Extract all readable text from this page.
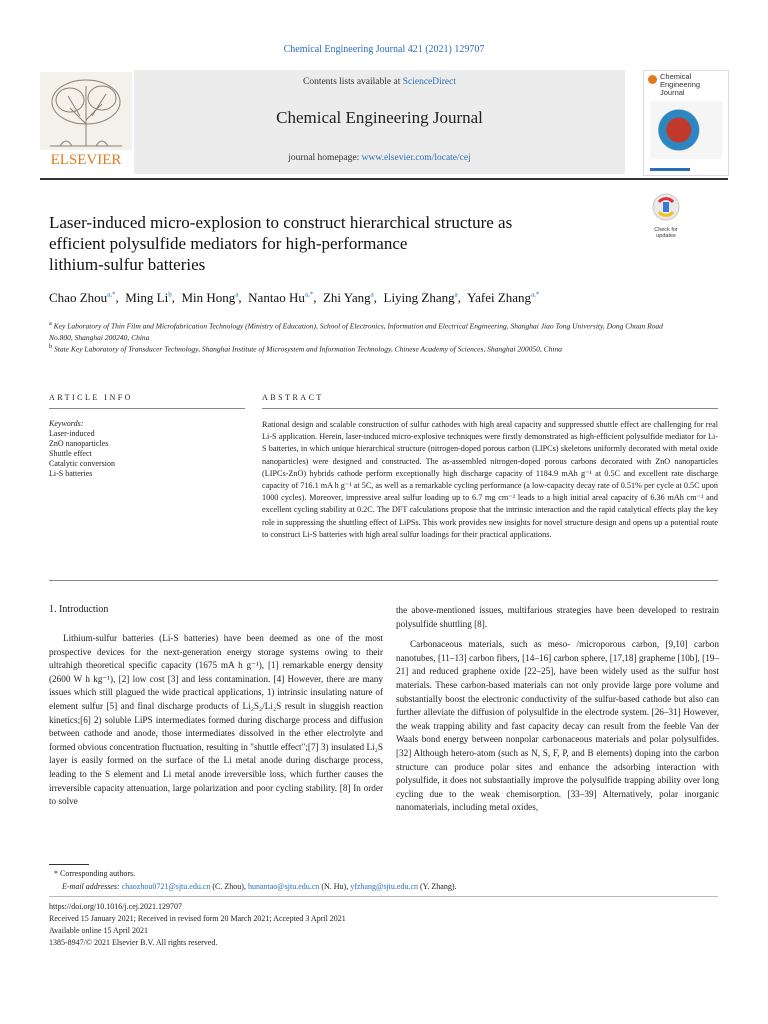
Chemical Engineering Journal 421 (2021) 129707
ELSEVIER
Contents lists available at ScienceDirect
Chemical Engineering Journal
journal homepage: www.elsevier.com/locate/cej
Chemical
Engineering
Journal
Laser-induced micro-explosion to construct hierarchical structure as
efficient polysulfide mediators for high-performance
lithium-sulfur batteries
Check for updates
Chao Zhou$^{a,*}$,  Ming Li$^b$,  Min Hong$^a$,  Nantao $Hu^{a,*}$,  Zhi Yang$^a$,  Liying Zhang$^a$,  Yafei Zhang$^{a,*}$
$^a$ Key Laboratory of Thin Film and Microfabrication Technology (Ministry of Education), School of Electronics, Information and Electrical Engineering, Shanghai Jiao Tong University, Dong Chuan Road No.800, Shanghai 200240, China
$^b$ State Key Laboratory of Transducer Technology, Shanghai Institute of Microsystem and Information Technology, Chinese Academy of Sciences, Shanghai 200050, China
ARTICLE INFO	ABSTRACT
Keywords:
Laser-induced
ZnO nanoparticles
Shuttle effect
Catalytic conversion
Li-S batteries
Rational design and scalable construction of sulfur cathodes with high areal capacity and suppressed shuttle effect are challenging for real Li-S application. Herein, laser-induced micro-explosive techniques were firstly demonstrated as high-efficient polysulfide mediator for Li-S batteries, in which unique hierarchical structure (nitrogen-doped porous carbon (LIPCs) skeletons uniformly decorated with metal oxide nanoparticles) were designed and constructed. The as-assembled nitrogen-doped porous carbons decorated with ZnO nanoparticles (LIPCs-ZnO) hybrids cathode perform exceptionally high discharge capacity of 1184.9 mAh g⁻¹ at 0.5C and excellent rate discharge capacity of 716.1 mA h g⁻¹ at 5C, as well as a remarkable cycling performance (a low-capacity decay rate of 0.51% per cycle at 0.5C upon 1000 cycles). Moreover, impressive areal sulfur loading up to 6.7 mg cm⁻² leads to a high initial areal capacity of 6.36 mAh cm⁻² and excellent cycling stability at 0.2C. The DFT calculations propose that the intrinsic interaction and the rapid catalytical effects play the key role in suppressing the shuttling effect of LiPSs. This work provides new insights for novel structure design and opens up a potential route to construct Li-S batteries with high areal sulfur loadings for their practical applications.
1. Introduction

Lithium-sulfur batteries (Li-S batteries) have been deemed as one of the most prospective devices for the next-generation energy storage systems owing to their ultrahigh theoretical specific capacity (1675 mA h g⁻¹), [1] remarkable energy density (2600 W h kg⁻¹), [2] low cost [3] and less contamination. [4] However, there are many issues which still plagued the wide practical applications, 1) intrinsic insulating nature of element sulfur [5] and final discharge products of Li₂S₂/Li₂S result in sluggish reaction kinetics;[6] 2) soluble LiPS intermediates formed during discharge process and diffusion between cathode and anode, those intermediates dissolved in the ether electrolyte and formed obvious concentration fluctuation, resulting in "shuttle effect";[7] 3) insulated Li₂S layer is easily formed on the surface of the Li metal anode during discharge process, leading to the S element and Li metal anode irreversible loss, which further causes the irreversible capacity attenuation, large polarization and poor cycling stability. [8] In order to solve

the above-mentioned issues, multifarious strategies have been developed to restrain polysulfide shuttling [8].

Carbonaceous materials, such as meso- /microporous carbon, [9,10] carbon nanotubes, [11–13] carbon fibers, [14–16] carbon sphere, [17,18] grapheme [10b], [19–21] and reduced graphene oxide [22–25], have been widely used as the sulfur host materials. These carbon-based materials can not only provide large pore volume and substantially boost the electronic conductivity of the sulfur-based cathode but also can further alleviate the diffusion of polysulfide in the electrode system. [26–31] However, the weak trapping ability and fast capacity decay can result from the feeble Van der Waals bond energy between nonpolar carbonaceous materials and polar polysulfides. [32] Although hetero-atom (such as N, S, F, P, and B elements) doping into the carbon structure can produce polar sites and enhance the adsorbing interaction with polysulfide, it does not substantially improve the polysulfide trapping ability over long cycling due to the weak chemisorption. [33–39] Alternatively, polar inorganic nanomaterials, including metal oxides,

* Corresponding authors.
E-mail addresses: chaozhou0721@sjtu.edu.cn (C. Zhou), hunantao@sjtu.edu.cn (N. Hu), yfzhang@sjtu.edu.cn (Y. Zhang).
https://doi.org/10.1016/j.cej.2021.129707
Received 15 January 2021; Received in revised form 20 March 2021; Accepted 3 April 2021
Available online 15 April 2021
1385-8947/© 2021 Elsevier B.V. All rights reserved.
